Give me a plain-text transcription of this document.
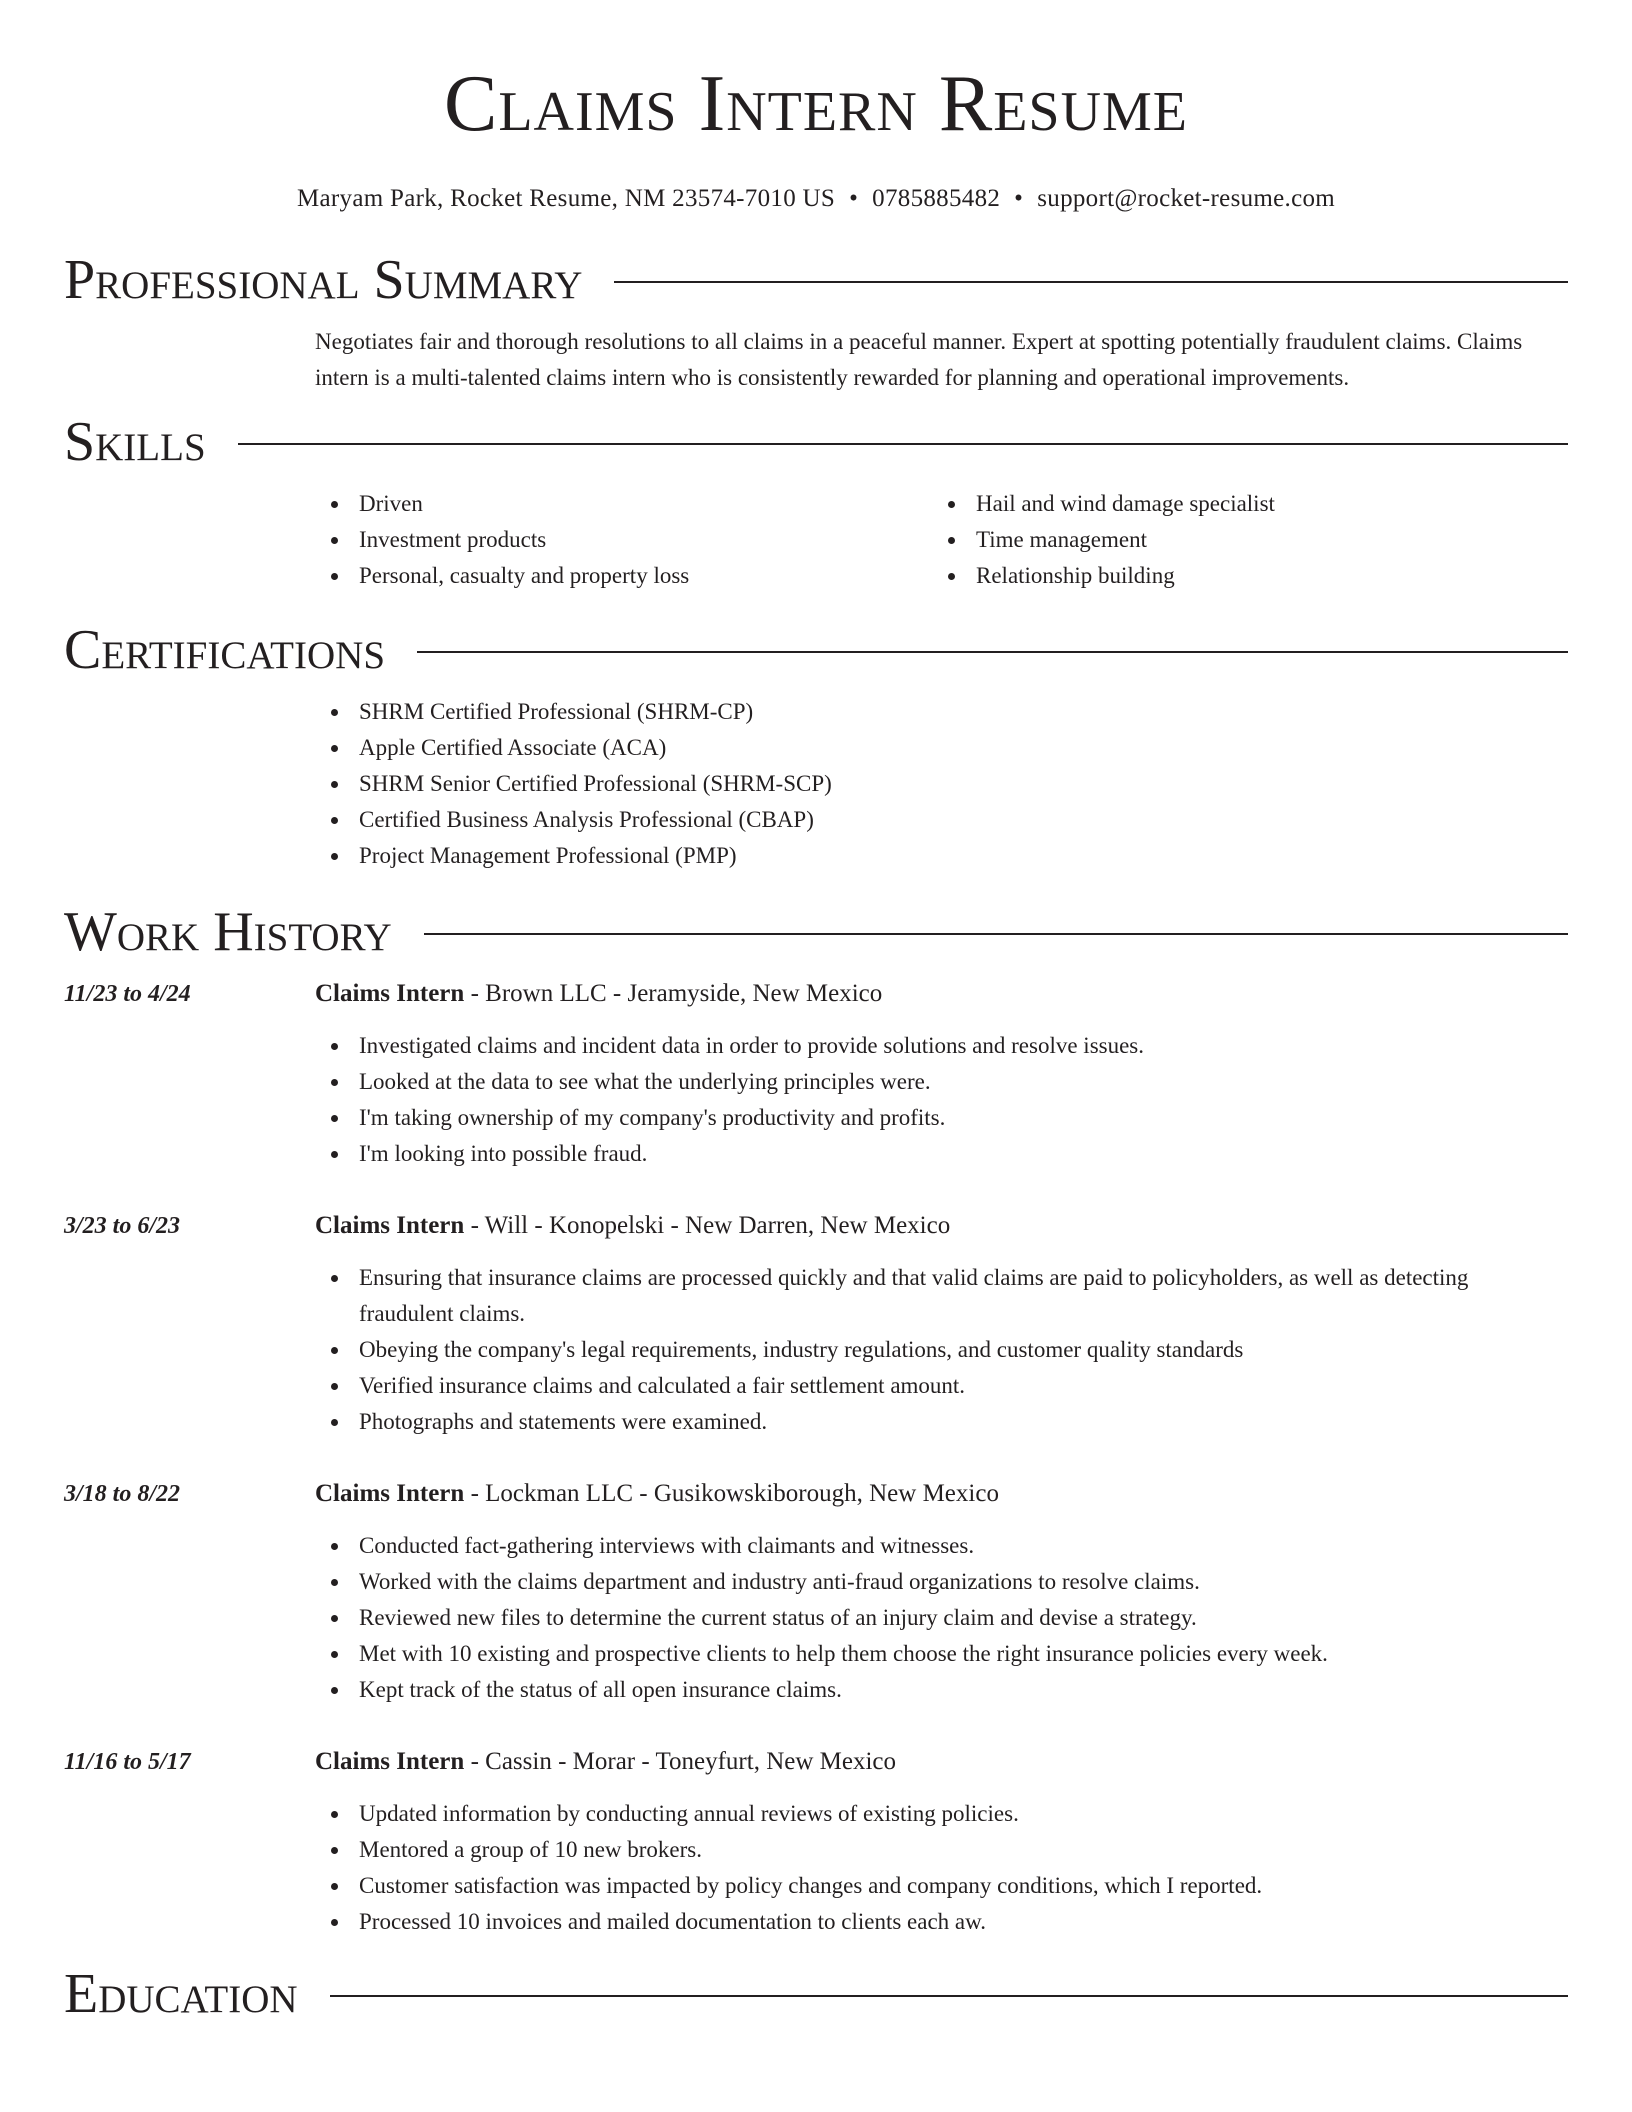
Claims Intern Resume
Maryam Park, Rocket Resume, NM 23574-7010 US • 0785885482 • support@rocket-resume.com
Professional Summary
Negotiates fair and thorough resolutions to all claims in a peaceful manner. Expert at spotting potentially fraudulent claims. Claims intern is a multi-talented claims intern who is consistently rewarded for planning and operational improvements.
Skills
Driven
Investment products
Personal, casualty and property loss
Hail and wind damage specialist
Time management
Relationship building
Certifications
SHRM Certified Professional (SHRM-CP)
Apple Certified Associate (ACA)
SHRM Senior Certified Professional (SHRM-SCP)
Certified Business Analysis Professional (CBAP)
Project Management Professional (PMP)
Work History
11/23 to 4/24	Claims Intern - Brown LLC - Jeramyside, New Mexico
Investigated claims and incident data in order to provide solutions and resolve issues.
Looked at the data to see what the underlying principles were.
I'm taking ownership of my company's productivity and profits.
I'm looking into possible fraud.
3/23 to 6/23	Claims Intern - Will - Konopelski - New Darren, New Mexico
Ensuring that insurance claims are processed quickly and that valid claims are paid to policyholders, as well as detecting fraudulent claims.
Obeying the company's legal requirements, industry regulations, and customer quality standards
Verified insurance claims and calculated a fair settlement amount.
Photographs and statements were examined.
3/18 to 8/22	Claims Intern - Lockman LLC - Gusikowskiborough, New Mexico
Conducted fact-gathering interviews with claimants and witnesses.
Worked with the claims department and industry anti-fraud organizations to resolve claims.
Reviewed new files to determine the current status of an injury claim and devise a strategy.
Met with 10 existing and prospective clients to help them choose the right insurance policies every week.
Kept track of the status of all open insurance claims.
11/16 to 5/17	Claims Intern - Cassin - Morar - Toneyfurt, New Mexico
Updated information by conducting annual reviews of existing policies.
Mentored a group of 10 new brokers.
Customer satisfaction was impacted by policy changes and company conditions, which I reported.
Processed 10 invoices and mailed documentation to clients each aw.
Education
